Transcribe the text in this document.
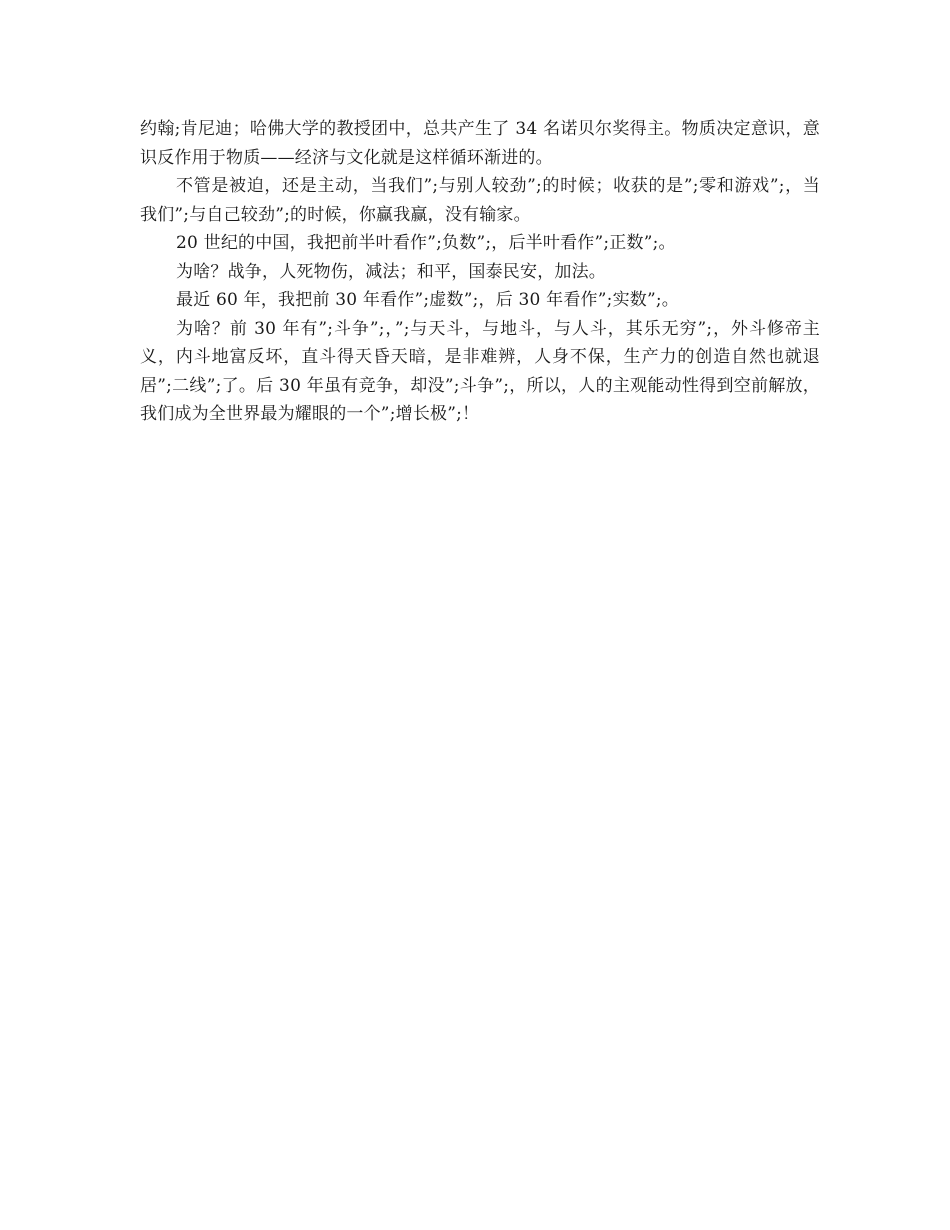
约翰;肯尼迪；哈佛大学的教授团中，总共产生了 34 名诺贝尔奖得主。物质决定意识，意识反作用于物质——经济与文化就是这样循环渐进的。

不管是被迫，还是主动，当我们”;与别人较劲”;的时候；收获的是”;零和游戏”;，当我们”;与自己较劲”;的时候，你赢我赢，没有输家。

20 世纪的中国，我把前半叶看作”;负数”;，后半叶看作”;正数”;。

为啥？战争，人死物伤，减法；和平，国泰民安，加法。

最近 60 年，我把前 30 年看作”;虚数”;，后 30 年看作”;实数”;。

为啥？前 30 年有”;斗争”;，”;与天斗，与地斗，与人斗，其乐无穷”;，外斗修帝主义，内斗地富反坏，直斗得天昏天暗，是非难辨，人身不保，生产力的创造自然也就退居”;二线”;了。后 30 年虽有竞争，却没”;斗争”;，所以，人的主观能动性得到空前解放，我们成为全世界最为耀眼的一个”;增长极”;！
